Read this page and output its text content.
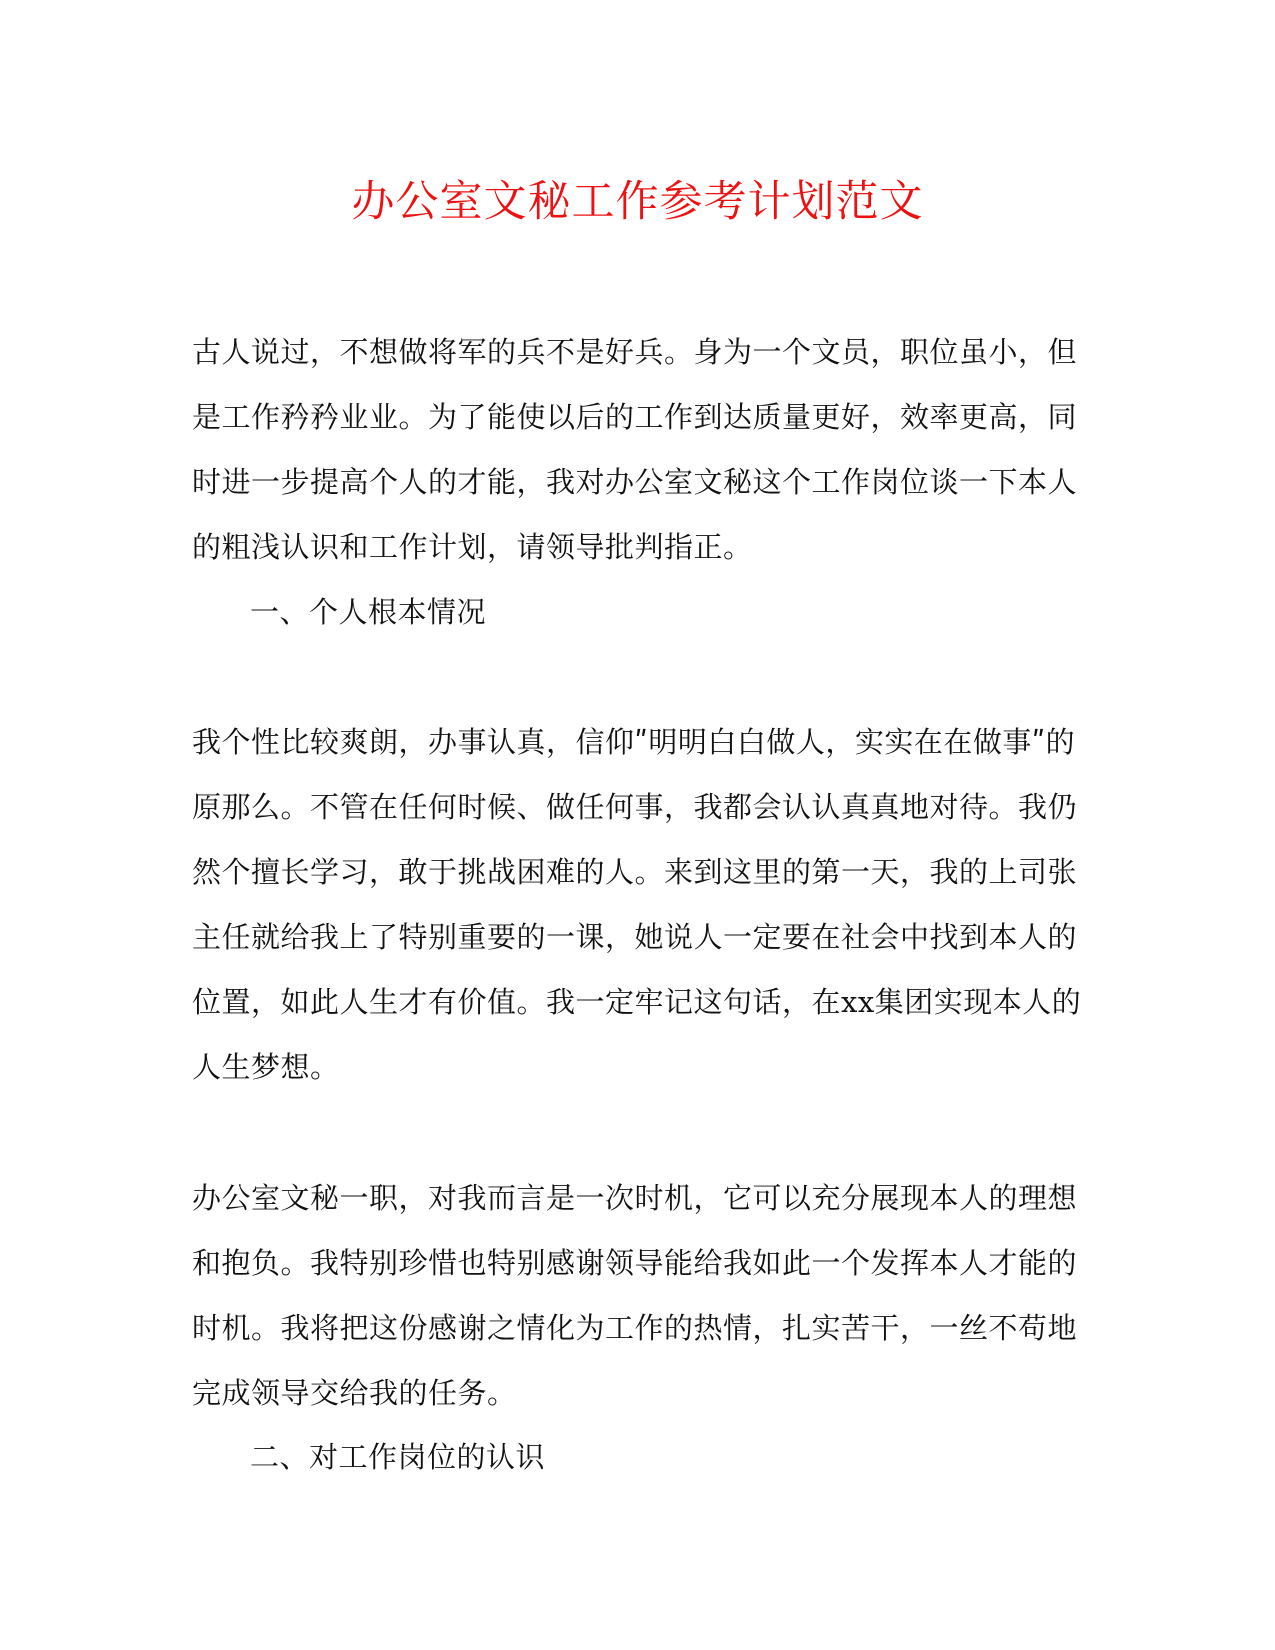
办公室文秘工作参考计划范文
古人说过，不想做将军的兵不是好兵。身为一个文员，职位虽小，但
是工作矜矜业业。为了能使以后的工作到达质量更好，效率更高，同
时进一步提高个人的才能，我对办公室文秘这个工作岗位谈一下本人
的粗浅认识和工作计划，请领导批判指正。
一、个人根本情况
我个性比较爽朗，办事认真，信仰ʺ明明白白做人，实实在在做事ʺ的
原那么。不管在任何时候、做任何事，我都会认认真真地对待。我仍
然个擅长学习，敢于挑战困难的人。来到这里的第一天，我的上司张
主任就给我上了特别重要的一课，她说人一定要在社会中找到本人的
位置，如此人生才有价值。我一定牢记这句话，在xx集团实现本人的
人生梦想。
办公室文秘一职，对我而言是一次时机，它可以充分展现本人的理想
和抱负。我特别珍惜也特别感谢领导能给我如此一个发挥本人才能的
时机。我将把这份感谢之情化为工作的热情，扎实苦干，一丝不苟地
完成领导交给我的任务。
二、对工作岗位的认识
